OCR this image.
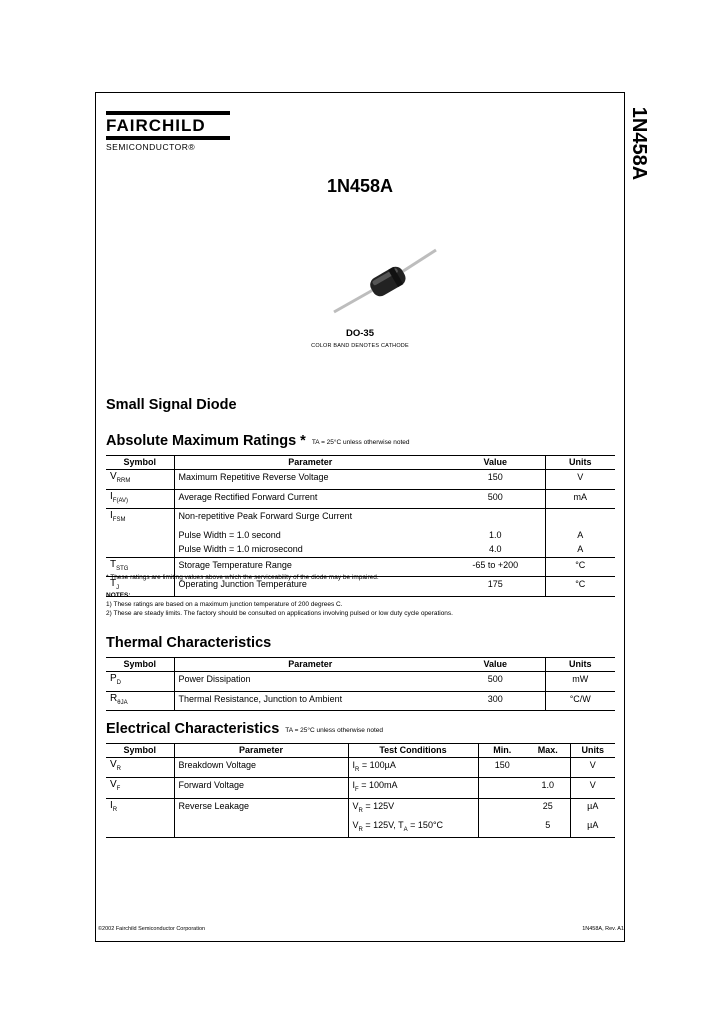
1N458A
FAIRCHILD
SEMICONDUCTOR®
1N458A
DO-35
COLOR BAND DENOTES CATHODE
Small Signal Diode
Absolute Maximum Ratings * TA = 25°C unless otherwise noted
Symbol	Parameter	Value	Units
$V_{RRM}$	Maximum Repetitive Reverse Voltage	150	V
$I_{F(AV)}$	Average Rectified Forward Current	500	mA
$I_{FSM}$	Non-repetitive Peak Forward Surge Current		
	Pulse Width = 1.0 second	1.0	A
	Pulse Width = 1.0 microsecond	4.0	A
$T_{STG}$	Storage Temperature Range	-65 to +200	°C
$T_J$	Operating Junction Temperature	175	°C
* These ratings are limiting values above which the serviceability of the diode may be impaired.
NOTES:
1) These ratings are based on a maximum junction temperature of 200 degrees C.
2) These are steady limits. The factory should be consulted on applications involving pulsed or low duty cycle operations.
Thermal Characteristics
Symbol	Parameter	Value	Units
$P_D$	Power Dissipation	500	mW
$R_{\theta JA}$	Thermal Resistance, Junction to Ambient	300	°C/W
Electrical Characteristics TA = 25°C unless otherwise noted
Symbol	Parameter	Test Conditions	Min.	Max.	Units
$V_R$	Breakdown Voltage	$I_R = 100\mu A$	150		V
$V_F$	Forward Voltage	$I_F = 100mA$		1.0	V
$I_R$	Reverse Leakage	$V_R = 125V$		25	µA
		$V_R = 125V$, $T_A = 150^\circ C$		5	µA
©2002 Fairchild Semiconductor Corporation	1N458A, Rev. A1
